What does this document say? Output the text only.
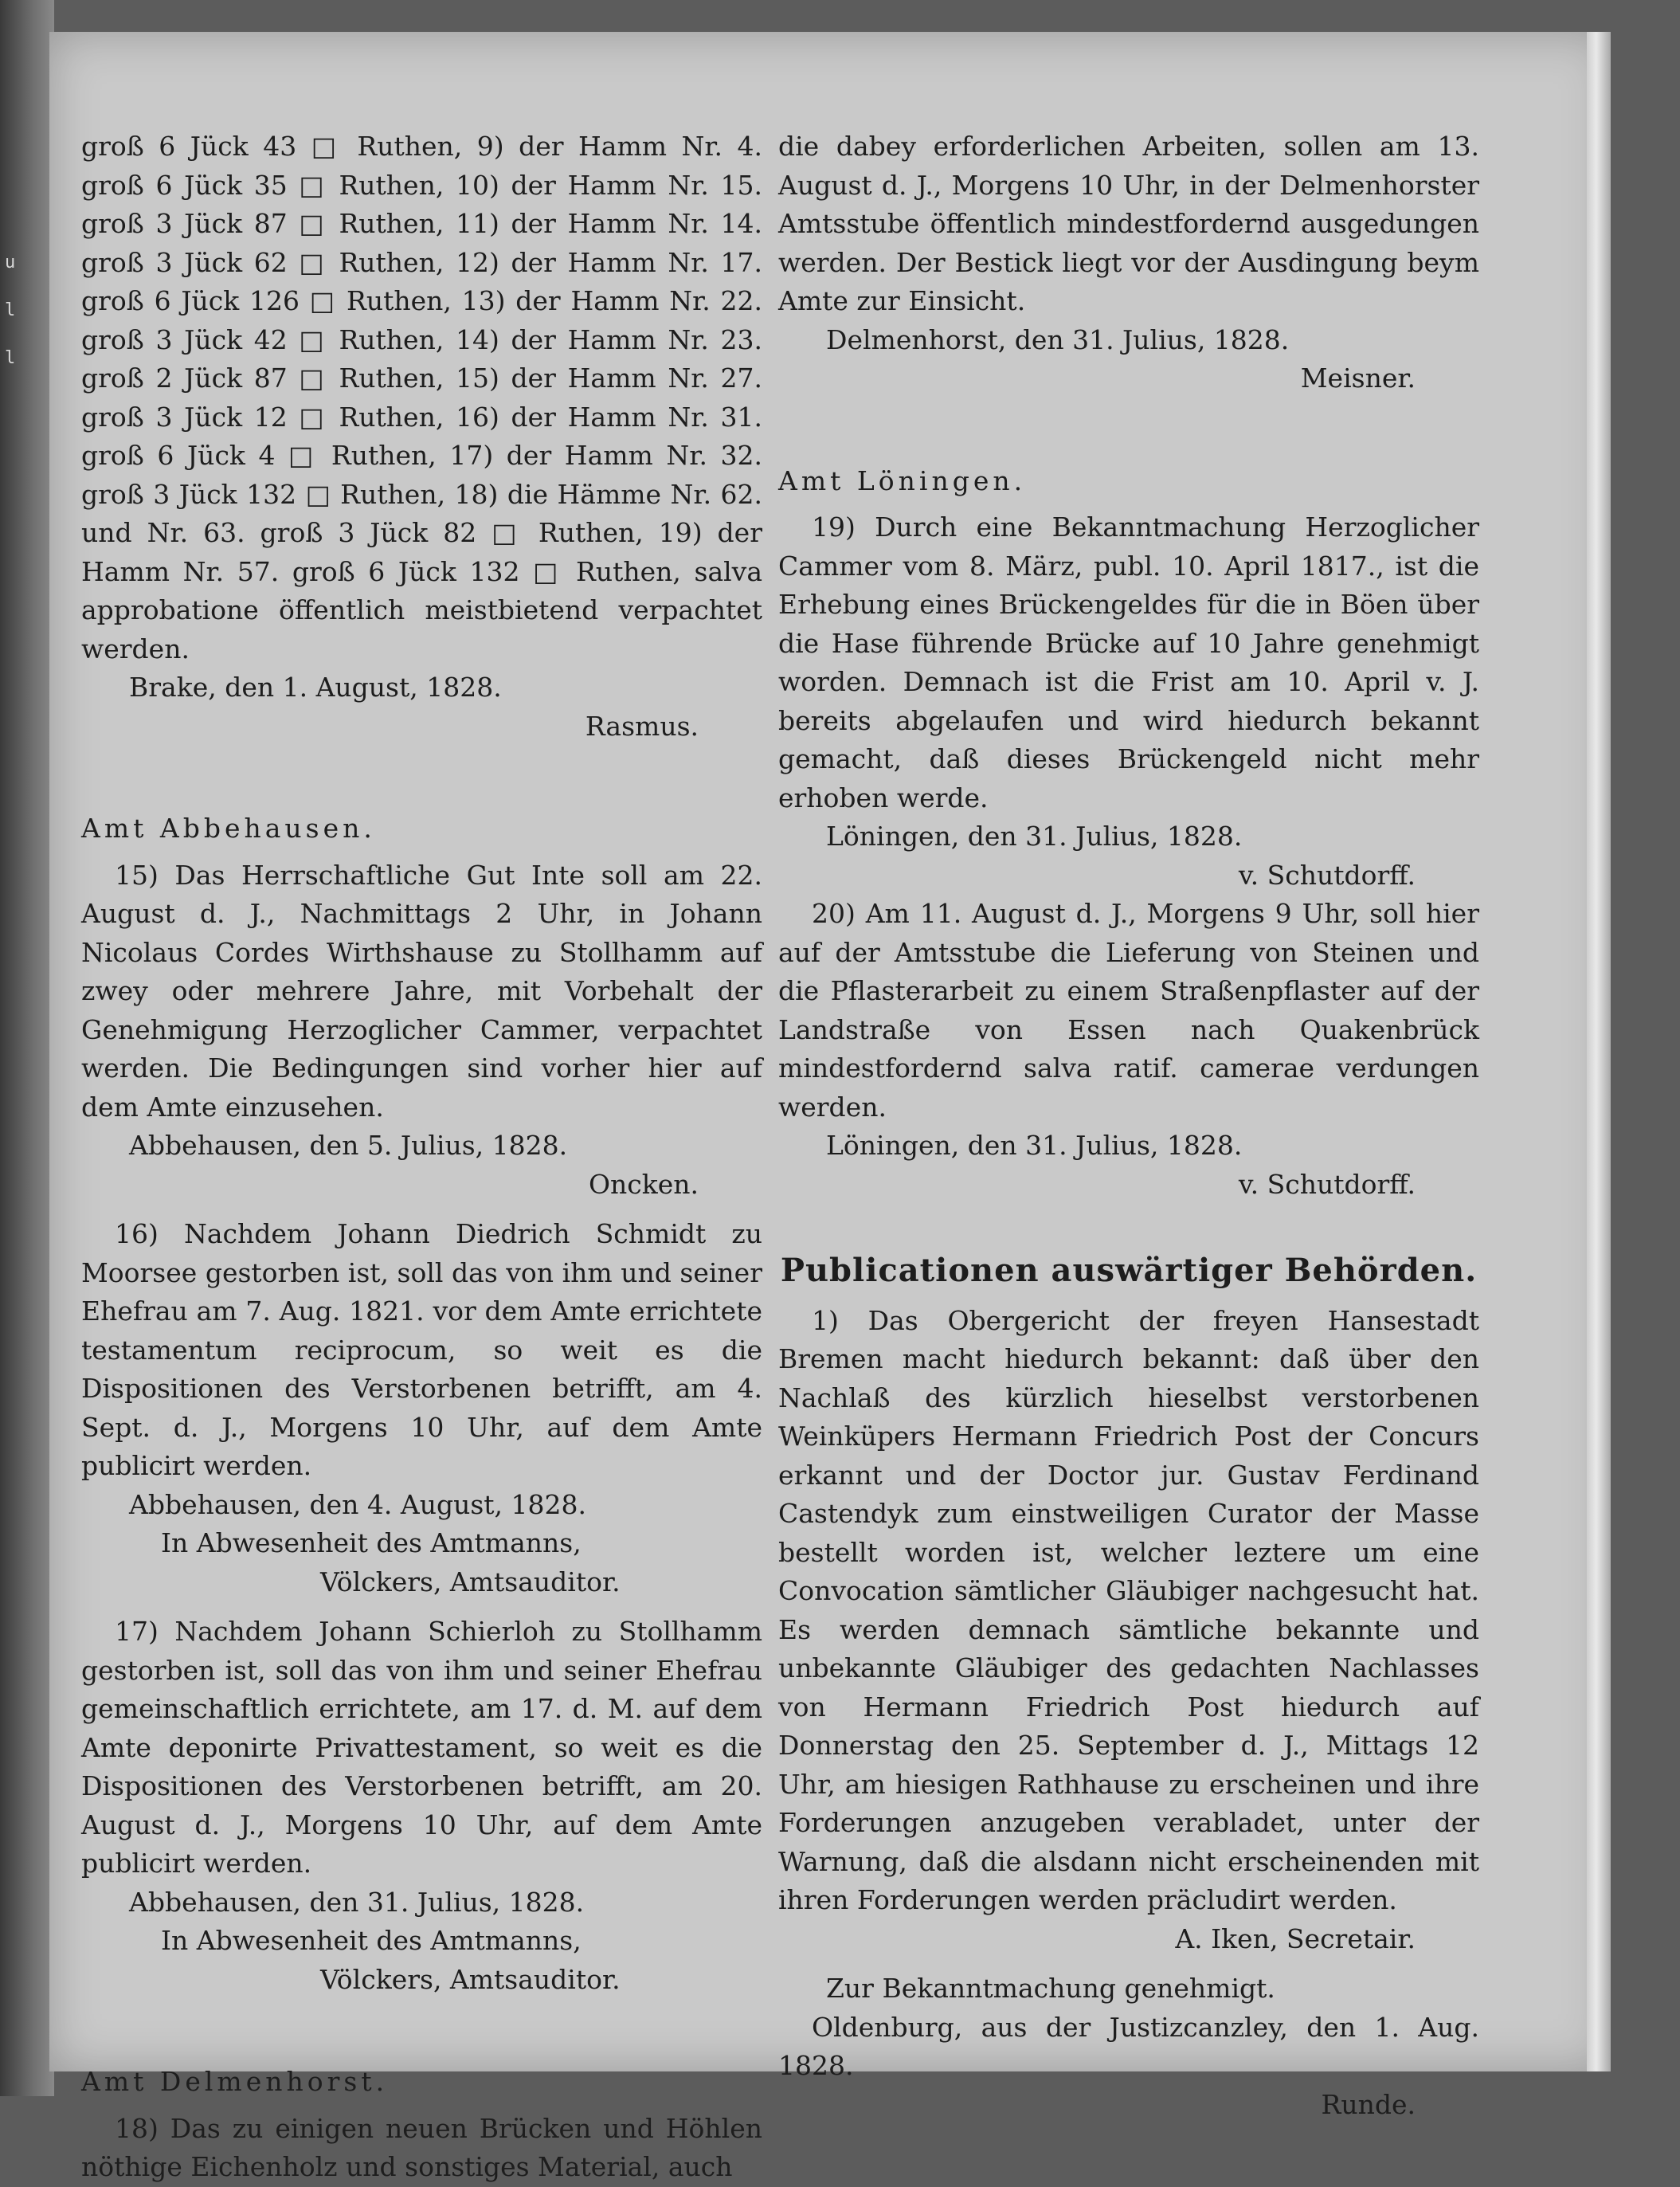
u
l
l

groß 6 Jück 43 □ Ruthen, 9) der Hamm Nr. 4. groß 6 Jück 35 □ Ruthen, 10) der Hamm Nr. 15. groß 3 Jück 87 □ Ruthen, 11) der Hamm Nr. 14. groß 3 Jück 62 □ Ruthen, 12) der Hamm Nr. 17. groß 6 Jück 126 □ Ruthen, 13) der Hamm Nr. 22. groß 3 Jück 42 □ Ruthen, 14) der Hamm Nr. 23. groß 2 Jück 87 □ Ruthen, 15) der Hamm Nr. 27. groß 3 Jück 12 □ Ruthen, 16) der Hamm Nr. 31. groß 6 Jück 4 □ Ruthen, 17) der Hamm Nr. 32. groß 3 Jück 132 □ Ruthen, 18) die Hämme Nr. 62. und Nr. 63. groß 3 Jück 82 □ Ruthen, 19) der Hamm Nr. 57. groß 6 Jück 132 □ Ruthen, salva approbatione öffentlich meistbietend verpachtet werden.

Brake, den 1. August, 1828.

Rasmus.

Amt Abbehausen.

15) Das Herrschaftliche Gut Inte soll am 22. August d. J., Nachmittags 2 Uhr, in Johann Nicolaus Cordes Wirthshause zu Stollhamm auf zwey oder mehrere Jahre, mit Vorbehalt der Genehmigung Herzoglicher Cammer, verpachtet werden. Die Bedingungen sind vorher hier auf dem Amte einzusehen.

Abbehausen, den 5. Julius, 1828.

Oncken.

16) Nachdem Johann Diedrich Schmidt zu Moorsee gestorben ist, soll das von ihm und seiner Ehefrau am 7. Aug. 1821. vor dem Amte errichtete testamentum reciprocum, so weit es die Dispositionen des Verstorbenen betrifft, am 4. Sept. d. J., Morgens 10 Uhr, auf dem Amte publicirt werden.

Abbehausen, den 4. August, 1828.

In Abwesenheit des Amtmanns,

Völckers, Amtsauditor.

17) Nachdem Johann Schierloh zu Stollhamm gestorben ist, soll das von ihm und seiner Ehefrau gemeinschaftlich errichtete, am 17. d. M. auf dem Amte deponirte Privattestament, so weit es die Dispositionen des Verstorbenen betrifft, am 20. August d. J., Morgens 10 Uhr, auf dem Amte publicirt werden.

Abbehausen, den 31. Julius, 1828.

In Abwesenheit des Amtmanns,

Völckers, Amtsauditor.

Amt Delmenhorst.

18) Das zu einigen neuen Brücken und Höhlen nöthige Eichenholz und sonstiges Material, auch

die dabey erforderlichen Arbeiten, sollen am 13. August d. J., Morgens 10 Uhr, in der Delmenhorster Amtsstube öffentlich mindestfordernd ausgedungen werden. Der Bestick liegt vor der Ausdingung beym Amte zur Einsicht.

Delmenhorst, den 31. Julius, 1828.

Meisner.

Amt Löningen.

19) Durch eine Bekanntmachung Herzoglicher Cammer vom 8. März, publ. 10. April 1817., ist die Erhebung eines Brückengeldes für die in Böen über die Hase führende Brücke auf 10 Jahre genehmigt worden. Demnach ist die Frist am 10. April v. J. bereits abgelaufen und wird hiedurch bekannt gemacht, daß dieses Brückengeld nicht mehr erhoben werde.

Löningen, den 31. Julius, 1828.

v. Schutdorff.

20) Am 11. August d. J., Morgens 9 Uhr, soll hier auf der Amtsstube die Lieferung von Steinen und die Pflasterarbeit zu einem Straßenpflaster auf der Landstraße von Essen nach Quakenbrück mindestfordernd salva ratif. camerae verdungen werden.

Löningen, den 31. Julius, 1828.

v. Schutdorff.

Publicationen auswärtiger Behörden.

1) Das Obergericht der freyen Hansestadt Bremen macht hiedurch bekannt: daß über den Nachlaß des kürzlich hieselbst verstorbenen Weinküpers Hermann Friedrich Post der Concurs erkannt und der Doctor jur. Gustav Ferdinand Castendyk zum einstweiligen Curator der Masse bestellt worden ist, welcher leztere um eine Convocation sämtlicher Gläubiger nachgesucht hat. Es werden demnach sämtliche bekannte und unbekannte Gläubiger des gedachten Nachlasses von Hermann Friedrich Post hiedurch auf Donnerstag den 25. September d. J., Mittags 12 Uhr, am hiesigen Rathhause zu erscheinen und ihre Forderungen anzugeben verabladet, unter der Warnung, daß die alsdann nicht erscheinenden mit ihren Forderungen werden präcludirt werden.

A. Iken, Secretair.

Zur Bekanntmachung genehmigt.

Oldenburg, aus der Justizcanzley, den 1. Aug. 1828.

Runde.
